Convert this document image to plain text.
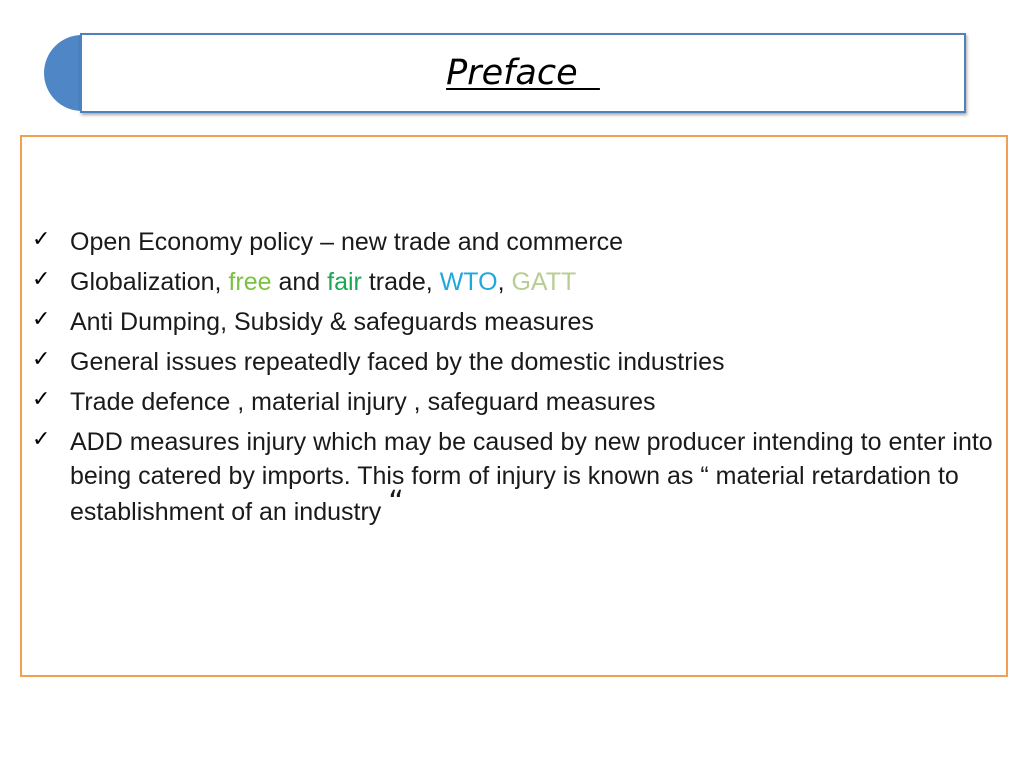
Preface
✓ Open Economy policy – new trade and commerce
✓ Globalization, free and fair trade, WTO, GATT
✓ Anti Dumping, Subsidy & safeguards measures
✓ General issues repeatedly faced by the domestic industries
✓ Trade defence , material injury , safeguard measures
✓ ADD measures injury which may be caused by new producer intending to enter into being catered by imports. This form of injury is known as “ material retardation to establishment of an industry “
